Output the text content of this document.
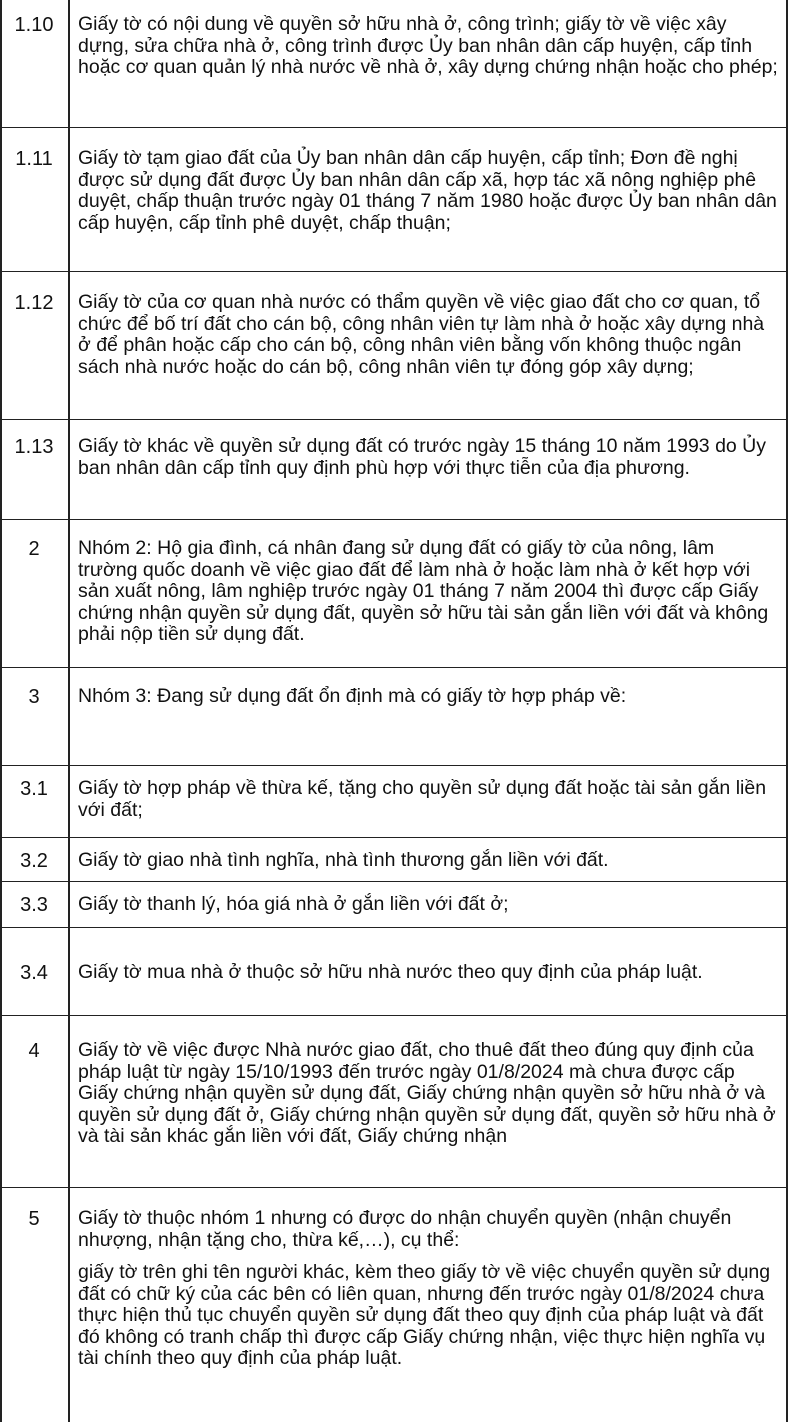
1.10	Giấy tờ có nội dung về quyền sở hữu nhà ở, công trình; giấy tờ về việc xây dựng, sửa chữa nhà ở, công trình được Ủy ban nhân dân cấp huyện, cấp tỉnh hoặc cơ quan quản lý nhà nước về nhà ở, xây dựng chứng nhận hoặc cho phép;
1.11	Giấy tờ tạm giao đất của Ủy ban nhân dân cấp huyện, cấp tỉnh; Đơn đề nghị được sử dụng đất được Ủy ban nhân dân cấp xã, hợp tác xã nông nghiệp phê duyệt, chấp thuận trước ngày 01 tháng 7 năm 1980 hoặc được Ủy ban nhân dân cấp huyện, cấp tỉnh phê duyệt, chấp thuận;
1.12	Giấy tờ của cơ quan nhà nước có thẩm quyền về việc giao đất cho cơ quan, tổ chức để bố trí đất cho cán bộ, công nhân viên tự làm nhà ở hoặc xây dựng nhà ở để phân hoặc cấp cho cán bộ, công nhân viên bằng vốn không thuộc ngân sách nhà nước hoặc do cán bộ, công nhân viên tự đóng góp xây dựng;
1.13	Giấy tờ khác về quyền sử dụng đất có trước ngày 15 tháng 10 năm 1993 do Ủy ban nhân dân cấp tỉnh quy định phù hợp với thực tiễn của địa phương.
2	Nhóm 2: Hộ gia đình, cá nhân đang sử dụng đất có giấy tờ của nông, lâm trường quốc doanh về việc giao đất để làm nhà ở hoặc làm nhà ở kết hợp với sản xuất nông, lâm nghiệp trước ngày 01 tháng 7 năm 2004 thì được cấp Giấy chứng nhận quyền sử dụng đất, quyền sở hữu tài sản gắn liền với đất và không phải nộp tiền sử dụng đất.
3	Nhóm 3: Đang sử dụng đất ổn định mà có giấy tờ hợp pháp về:
3.1	Giấy tờ hợp pháp về thừa kế, tặng cho quyền sử dụng đất hoặc tài sản gắn liền với đất;
3.2	Giấy tờ giao nhà tình nghĩa, nhà tình thương gắn liền với đất.
3.3	Giấy tờ thanh lý, hóa giá nhà ở gắn liền với đất ở;
3.4	Giấy tờ mua nhà ở thuộc sở hữu nhà nước theo quy định của pháp luật.
4	Giấy tờ về việc được Nhà nước giao đất, cho thuê đất theo đúng quy định của pháp luật từ ngày 15/10/1993 đến trước ngày 01/8/2024 mà chưa được cấp Giấy chứng nhận quyền sử dụng đất, Giấy chứng nhận quyền sở hữu nhà ở và quyền sử dụng đất ở, Giấy chứng nhận quyền sử dụng đất, quyền sở hữu nhà ở và tài sản khác gắn liền với đất, Giấy chứng nhận
5	Giấy tờ thuộc nhóm 1 nhưng có được do nhận chuyển quyền (nhận chuyển nhượng, nhận tặng cho, thừa kế,…), cụ thể:
giấy tờ trên ghi tên người khác, kèm theo giấy tờ về việc chuyển quyền sử dụng đất có chữ ký của các bên có liên quan, nhưng đến trước ngày 01/8/2024 chưa thực hiện thủ tục chuyển quyền sử dụng đất theo quy định của pháp luật và đất đó không có tranh chấp thì được cấp Giấy chứng nhận, việc thực hiện nghĩa vụ tài chính theo quy định của pháp luật.
